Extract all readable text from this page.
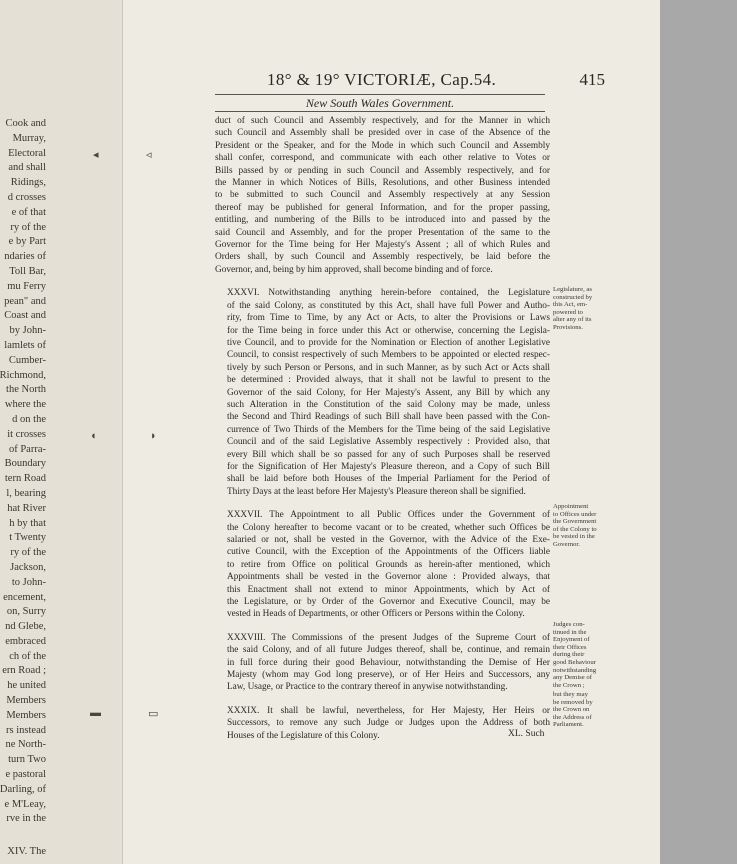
Cook and
Murray,
Electoral
and shall
Ridings,
d crosses
e of that
ry of the
e by Part
ndaries of
Toll Bar,
mu Ferry
pean" and
Coast and
by John-
lamlets of
Cumber-
Richmond,
the North
where the
d on the
it crosses
of Parra-
Boundary
tern Road
l, bearing
hat River
h by that
t Twenty
ry of the
Jackson,
to John-
encement,
on, Surry
nd Glebe,
embraced
ch of the
ern Road ;
he united
Members
Members
rs instead
ne North-
turn Two
e pastoral
Darling, of
e M'Leay,
rve in the
XIV. The
18° & 19° VICTORIÆ, Cap.54.	415
New South Wales Government.
◂	◃
◖	◗
▬	▭
duct of such Council and Assembly respectively, and for the Manner in which
such Council and Assembly shall be presided over in case of the Absence of the
President or the Speaker, and for the Mode in which such Council and Assembly
shall confer, correspond, and communicate with each other relative to Votes or
Bills passed by or pending in such Council and Assembly respectively, and for
the Manner in which Notices of Bills, Resolutions, and other Business intended
to be submitted to such Council and Assembly respectively at any Session
thereof may be published for general Information, and for the proper passing,
entitling, and numbering of the Bills to be introduced into and passed by the
said Council and Assembly, and for the proper Presentation of the same to the
Governor for the Time being for Her Majesty's Assent ; all of which Rules and
Orders shall, by such Council and Assembly respectively, be laid before the
Governor, and, being by him approved, shall become binding and of force.
XXXVI. Notwithstanding anything herein-before contained, the Legislature
of the said Colony, as constituted by this Act, shall have full Power and Autho-
rity, from Time to Time, by any Act or Acts, to alter the Provisions or Laws
for the Time being in force under this Act or otherwise, concerning the Legisla-
tive Council, and to provide for the Nomination or Election of another Legislative
Council, to consist respectively of such Members to be appointed or elected respec-
tively by such Person or Persons, and in such Manner, as by such Act or Acts shall
be determined : Provided always, that it shall not be lawful to present to the
Governor of the said Colony, for Her Majesty's Assent, any Bill by which any
such Alteration in the Constitution of the said Colony may be made, unless
the Second and Third Readings of such Bill shall have been passed with the Con-
currence of Two Thirds of the Members for the Time being of the said Legislative
Council and of the said Legislative Assembly respectively : Provided also, that
every Bill which shall be so passed for any of such Purposes shall be reserved
for the Signification of Her Majesty's Pleasure thereon, and a Copy of such Bill
shall be laid before both Houses of the Imperial Parliament for the Period of
Thirty Days at the least before Her Majesty's Pleasure thereon shall be signified.
XXXVII. The Appointment to all Public Offices under the Government of
the Colony hereafter to become vacant or to be created, whether such Offices be
salaried or not, shall be vested in the Governor, with the Advice of the Exe-
cutive Council, with the Exception of the Appointments of the Officers liable
to retire from Office on political Grounds as herein-after mentioned, which
Appointments shall be vested in the Governor alone : Provided always, that
this Enactment shall not extend to minor Appointments, which by Act of
the Legislature, or by Order of the Governor and Executive Council, may be
vested in Heads of Departments, or other Officers or Persons within the Colony.
XXXVIII. The Commissions of the present Judges of the Supreme Court of
the said Colony, and of all future Judges thereof, shall be, continue, and remain
in full force during their good Behaviour, notwithstanding the Demise of Her
Majesty (whom may God long preserve), or of Her Heirs and Successors, any
Law, Usage, or Practice to the contrary thereof in anywise notwithstanding.
XXXIX. It shall be lawful, nevertheless, for Her Majesty, Her Heirs or
Successors, to remove any such Judge or Judges upon the Address of both
Houses of the Legislature of this Colony.
Legislature, as
constructed by
this Act, em-
powered to
alter any of its
Provisions.
Appointment
to Offices under
the Government
of the Colony to
be vested in the
Governor.
Judges con-
tinued in the
Enjoyment of
their Offices
during their
good Behaviour
notwithstanding
any Demise of
the Crown ;
but they may
be removed by
the Crown on
the Address of
Parliament.
XL. Such
